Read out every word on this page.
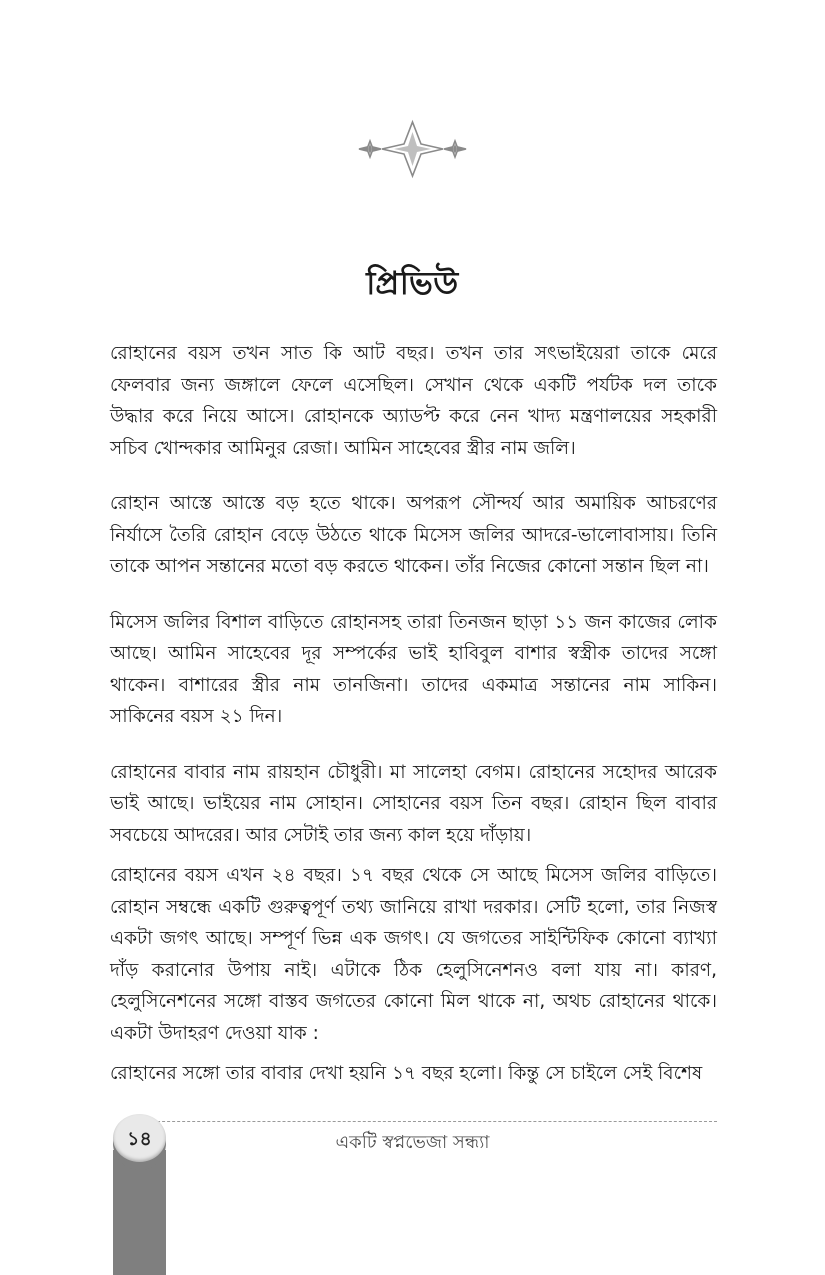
প্রিভিউ

রোহানের বয়স তখন সাত কি আট বছর। তখন তার সৎভাইয়েরা তাকে মেরে ফেলবার জন্য জঙ্গালে ফেলে এসেছিল। সেখান থেকে একটি পর্যটক দল তাকে উদ্ধার করে নিয়ে আসে। রোহানকে অ্যাডপ্ট করে নেন খাদ্য মন্ত্রণালয়ের সহকারী সচিব খোন্দকার আমিনুর রেজা। আমিন সাহেবের স্ত্রীর নাম জলি।

রোহান আস্তে আস্তে বড় হতে থাকে। অপরূপ সৌন্দর্য আর অমায়িক আচরণের নির্যাসে তৈরি রোহান বেড়ে উঠতে থাকে মিসেস জলির আদরে-ভালোবাসায়। তিনি তাকে আপন সন্তানের মতো বড় করতে থাকেন। তাঁর নিজের কোনো সন্তান ছিল না।

মিসেস জলির বিশাল বাড়িতে রোহানসহ তারা তিনজন ছাড়া ১১ জন কাজের লোক আছে। আমিন সাহেবের দূর সম্পর্কের ভাই হাবিবুল বাশার স্বস্ত্রীক তাদের সঙ্গো থাকেন। বাশারের স্ত্রীর নাম তানজিনা। তাদের একমাত্র সন্তানের নাম সাকিন। সাকিনের বয়স ২১ দিন।

রোহানের বাবার নাম রায়হান চৌধুরী। মা সালেহা বেগম। রোহানের সহোদর আরেক ভাই আছে। ভাইয়ের নাম সোহান। সোহানের বয়স তিন বছর। রোহান ছিল বাবার সবচেয়ে আদরের। আর সেটাই তার জন্য কাল হয়ে দাঁড়ায়।

রোহানের বয়স এখন ২৪ বছর। ১৭ বছর থেকে সে আছে মিসেস জলির বাড়িতে। রোহান সম্বন্ধে একটি গুরুত্বপূর্ণ তথ্য জানিয়ে রাখা দরকার। সেটি হলো, তার নিজস্ব একটা জগৎ আছে। সম্পূর্ণ ভিন্ন এক জগৎ। যে জগতের সাইন্টিফিক কোনো ব্যাখ্যা দাঁড় করানোর উপায় নাই। এটাকে ঠিক হেলুসিনেশনও বলা যায় না। কারণ, হেলুসিনেশনের সঙ্গো বাস্তব জগতের কোনো মিল থাকে না, অথচ রোহানের থাকে। একটা উদাহরণ দেওয়া যাক :

রোহানের সঙ্গো তার বাবার দেখা হয়নি ১৭ বছর হলো। কিন্তু সে চাইলে সেই বিশেষ

১৪	একটি স্বপ্নভেজা সন্ধ্যা
